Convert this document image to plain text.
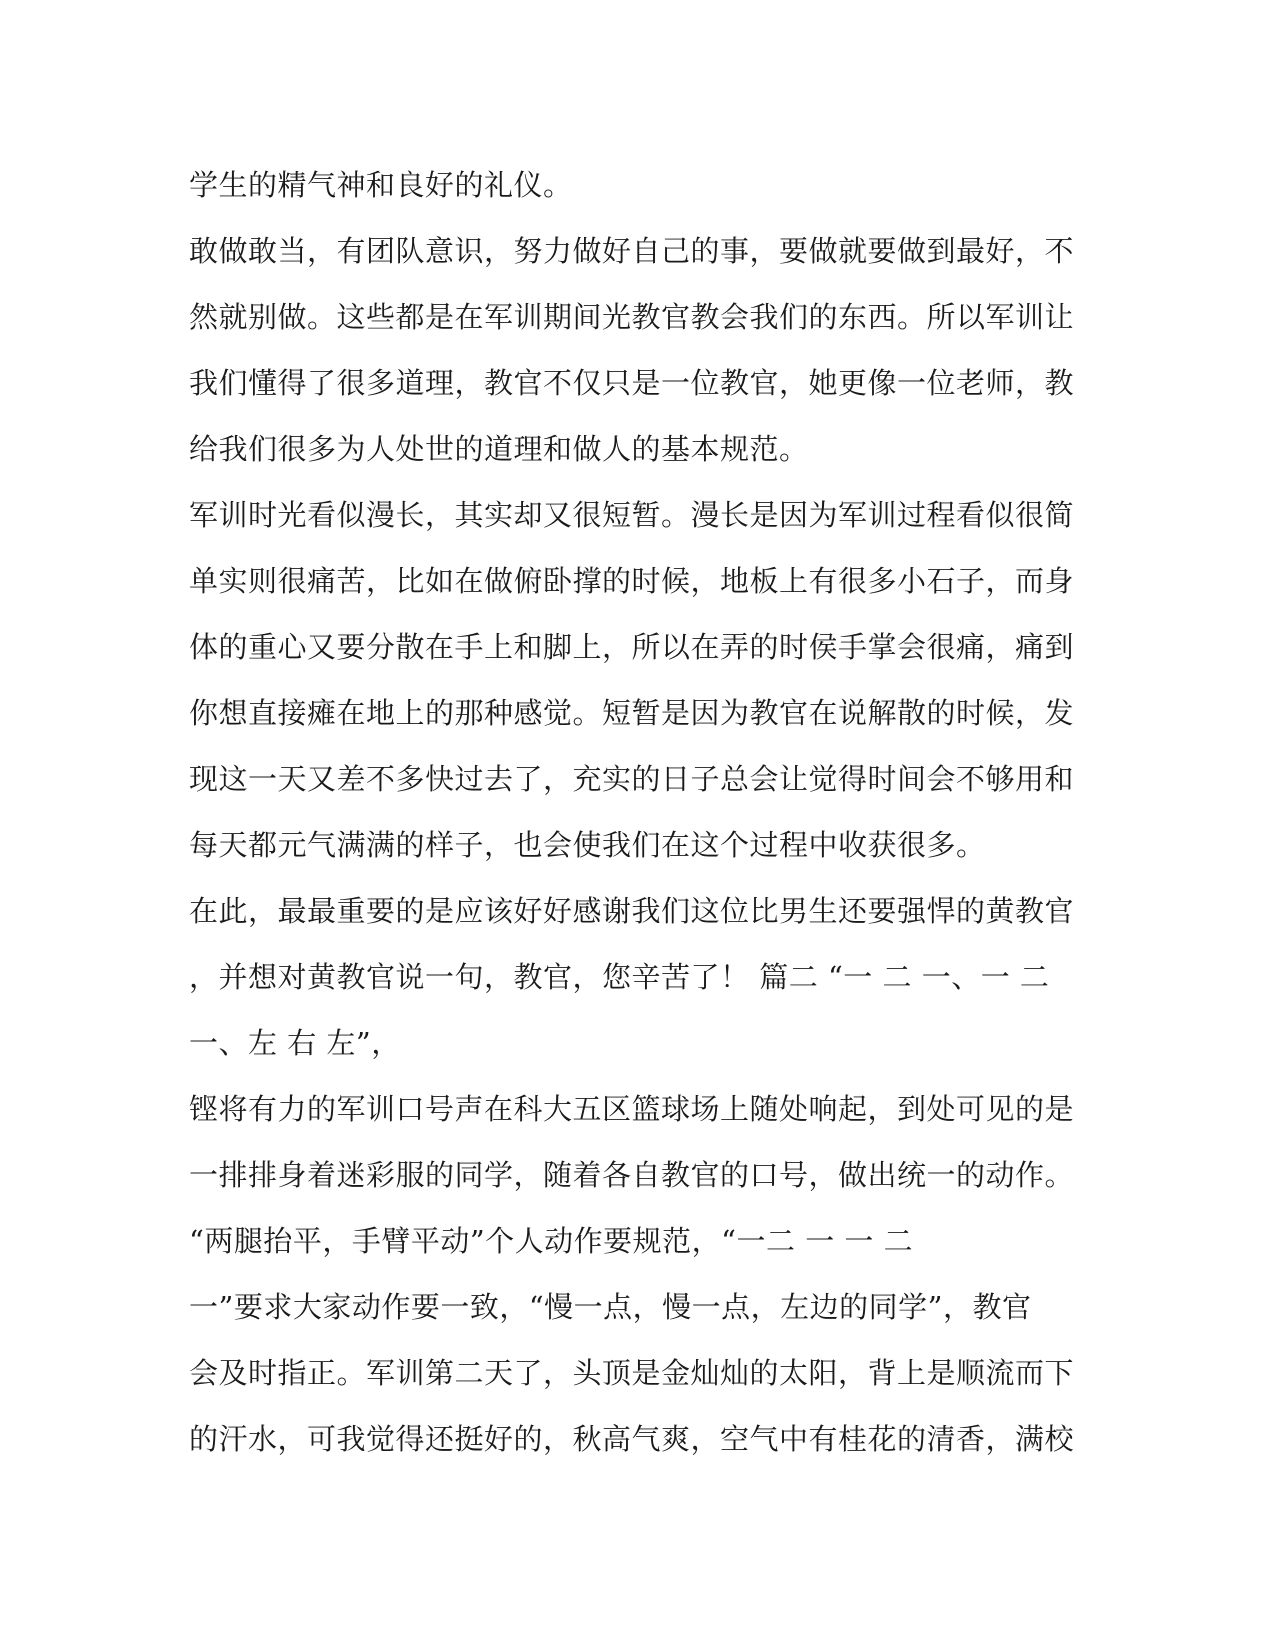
学生的精气神和良好的礼仪。
敢做敢当，有团队意识，努力做好自己的事，要做就要做到最好，不
然就别做。这些都是在军训期间光教官教会我们的东西。所以军训让
我们懂得了很多道理，教官不仅只是一位教官，她更像一位老师，教
给我们很多为人处世的道理和做人的基本规范。
军训时光看似漫长，其实却又很短暂。漫长是因为军训过程看似很简
单实则很痛苦，比如在做俯卧撑的时候，地板上有很多小石子，而身
体的重心又要分散在手上和脚上，所以在弄的时侯手掌会很痛，痛到
你想直接瘫在地上的那种感觉。短暂是因为教官在说解散的时候，发
现这一天又差不多快过去了，充实的日子总会让觉得时间会不够用和
每天都元气满满的样子，也会使我们在这个过程中收获很多。
在此，最最重要的是应该好好感谢我们这位比男生还要强悍的黄教官
，并想对黄教官说一句，教官，您辛苦了！ 篇二 “一 二 一、一 二
一、左 右 左”，
铿将有力的军训口号声在科大五区篮球场上随处响起，到处可见的是
一排排身着迷彩服的同学，随着各自教官的口号，做出统一的动作。
“两腿抬平，手臂平动”个人动作要规范，“一二 一 一 二
一”要求大家动作要一致，“慢一点，慢一点，左边的同学”，教官
会及时指正。军训第二天了，头顶是金灿灿的太阳，背上是顺流而下
的汗水，可我觉得还挺好的，秋高气爽，空气中有桂花的清香，满校
